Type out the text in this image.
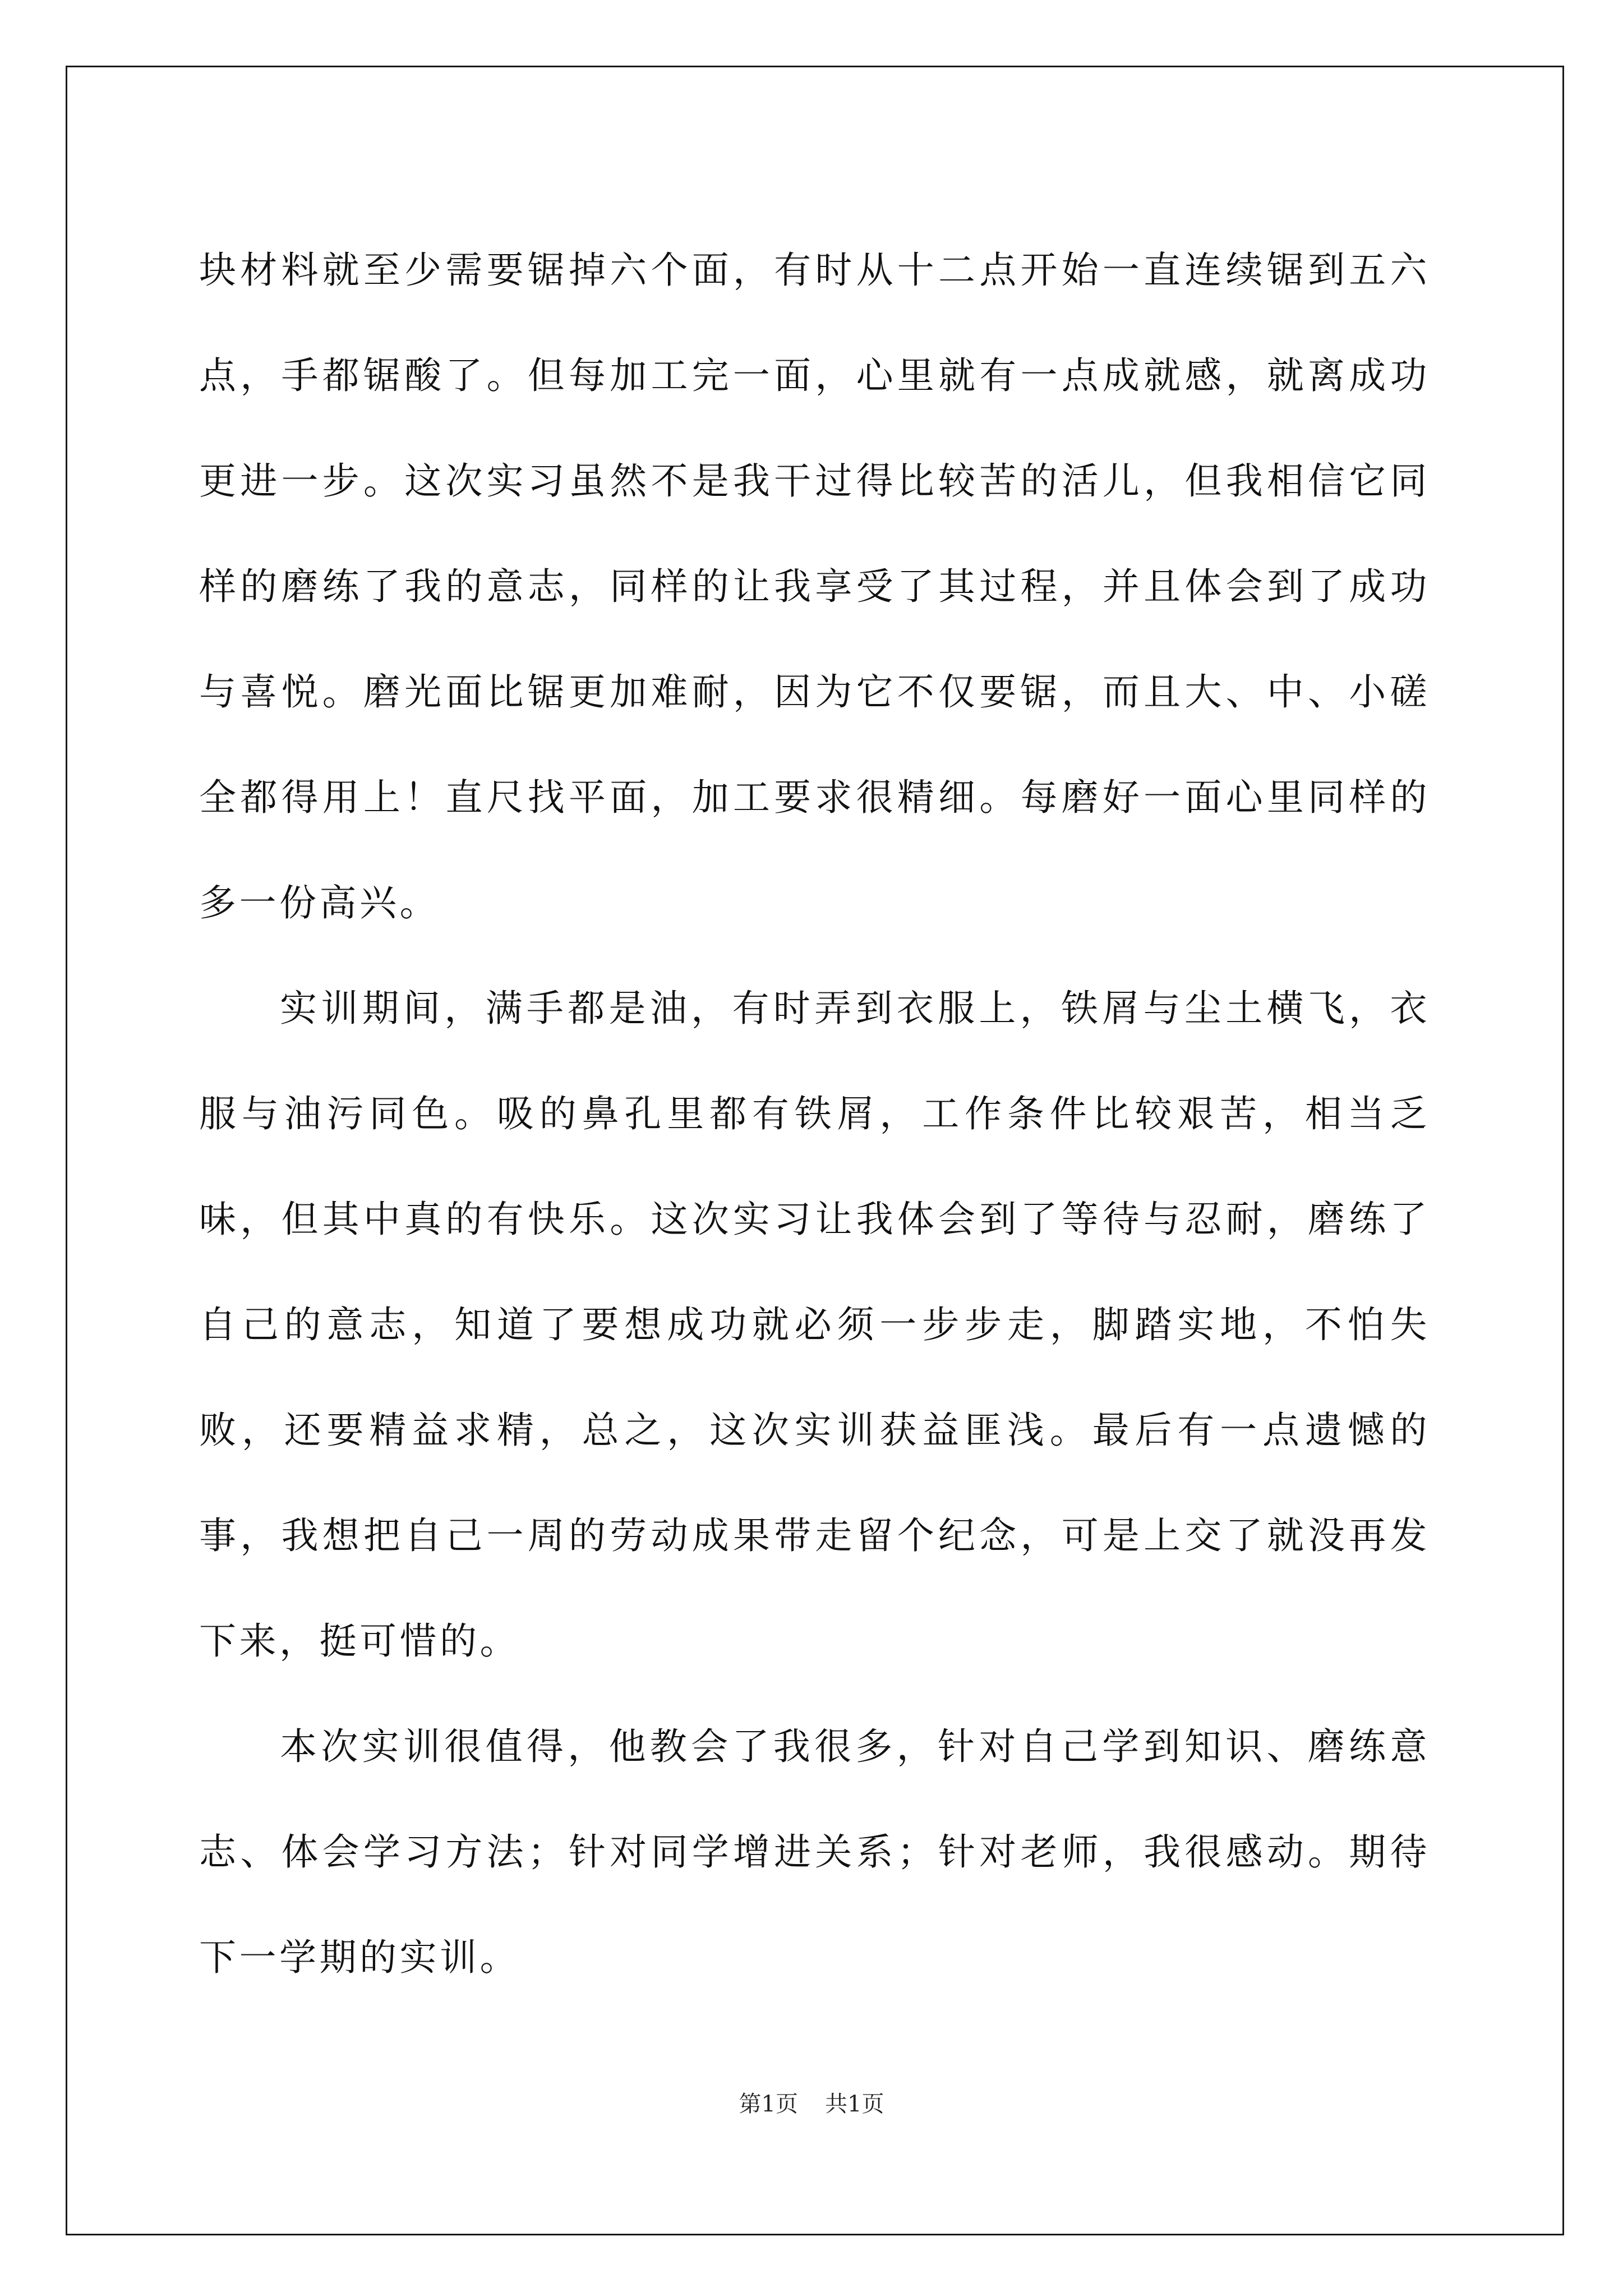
块材料就至少需要锯掉六个面，有时从十二点开始一直连续锯到五六点，手都锯酸了。但每加工完一面，心里就有一点成就感，就离成功更进一步。这次实习虽然不是我干过得比较苦的活儿，但我相信它同样的磨练了我的意志，同样的让我享受了其过程，并且体会到了成功与喜悦。磨光面比锯更加难耐，因为它不仅要锯，而且大、中、小磋全都得用上！直尺找平面，加工要求很精细。每磨好一面心里同样的多一份高兴。

实训期间，满手都是油，有时弄到衣服上，铁屑与尘土横飞，衣服与油污同色。吸的鼻孔里都有铁屑，工作条件比较艰苦，相当乏味，但其中真的有快乐。这次实习让我体会到了等待与忍耐，磨练了自己的意志，知道了要想成功就必须一步步走，脚踏实地，不怕失败，还要精益求精，总之，这次实训获益匪浅。最后有一点遗憾的事，我想把自己一周的劳动成果带走留个纪念，可是上交了就没再发下来，挺可惜的。

本次实训很值得，他教会了我很多，针对自己学到知识、磨练意志、体会学习方法；针对同学增进关系；针对老师，我很感动。期待下一学期的实训。

第1页 共1页
